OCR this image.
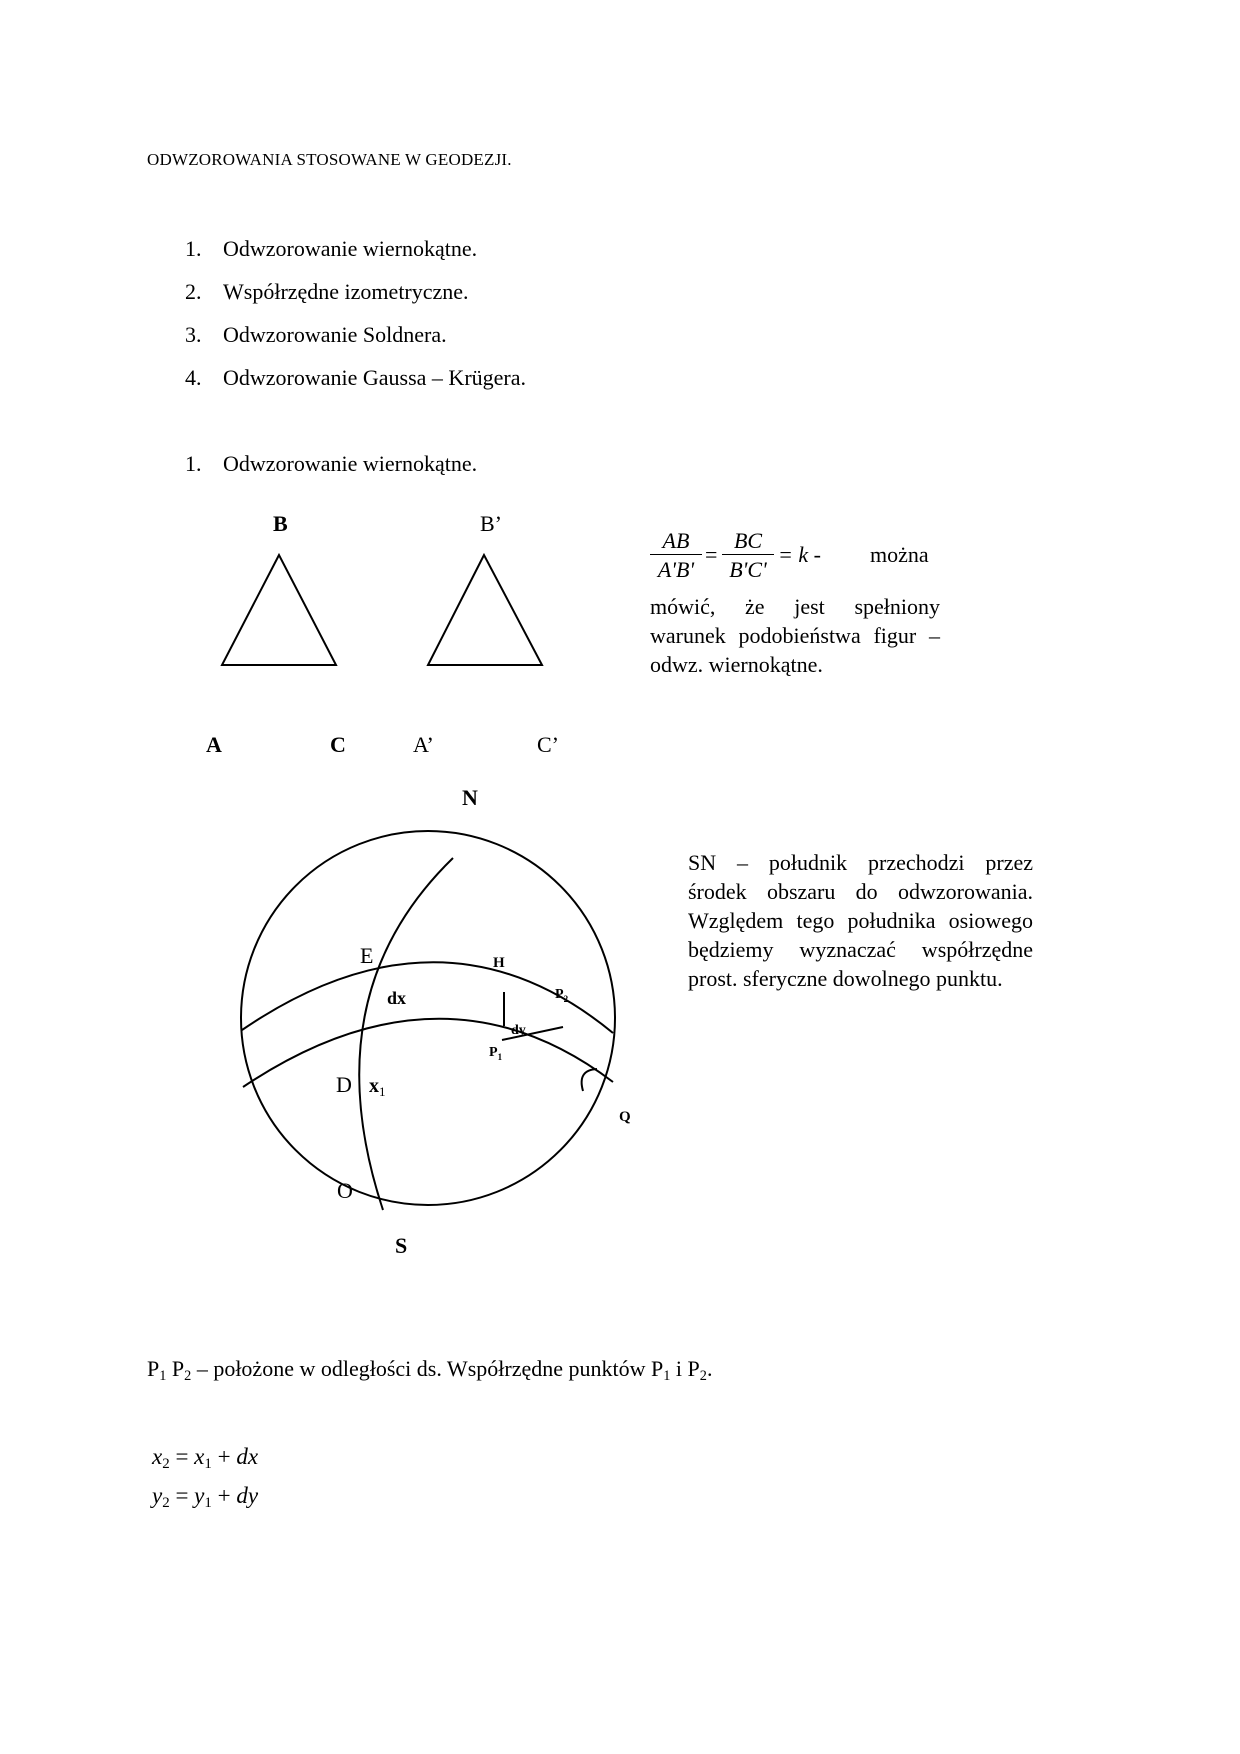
ODWZOROWANIA STOSOWANE W GEODEZJI.
1. Odwzorowanie wiernokątne.
2. Współrzędne izometryczne.
3. Odwzorowanie Soldnera.
4. Odwzorowanie Gaussa – Krügera.
1. Odwzorowanie wiernokątne.
B	B’
A	C	A’	C’
$\frac{AB}{A'B'} = \frac{BC}{B'C'} = k$ - można
mówić, że jest spełniony warunek podobieństwa figur – odwz. wiernokątne.
N
S
E	H
$P_2$
dx
dy
$P_1$
D $x_1$
Q
O
SN – południk przechodzi przez środek obszaru do odwzorowania. Względem tego południka osiowego będziemy wyznaczać współrzędne prost. sferyczne dowolnego punktu.
$P_1$ $P_2$ – położone w odległości ds. Współrzędne punktów $P_1$ i $P_2$.
$x_2 = x_1$ + dx
$y_2 = y_1$ + dy
